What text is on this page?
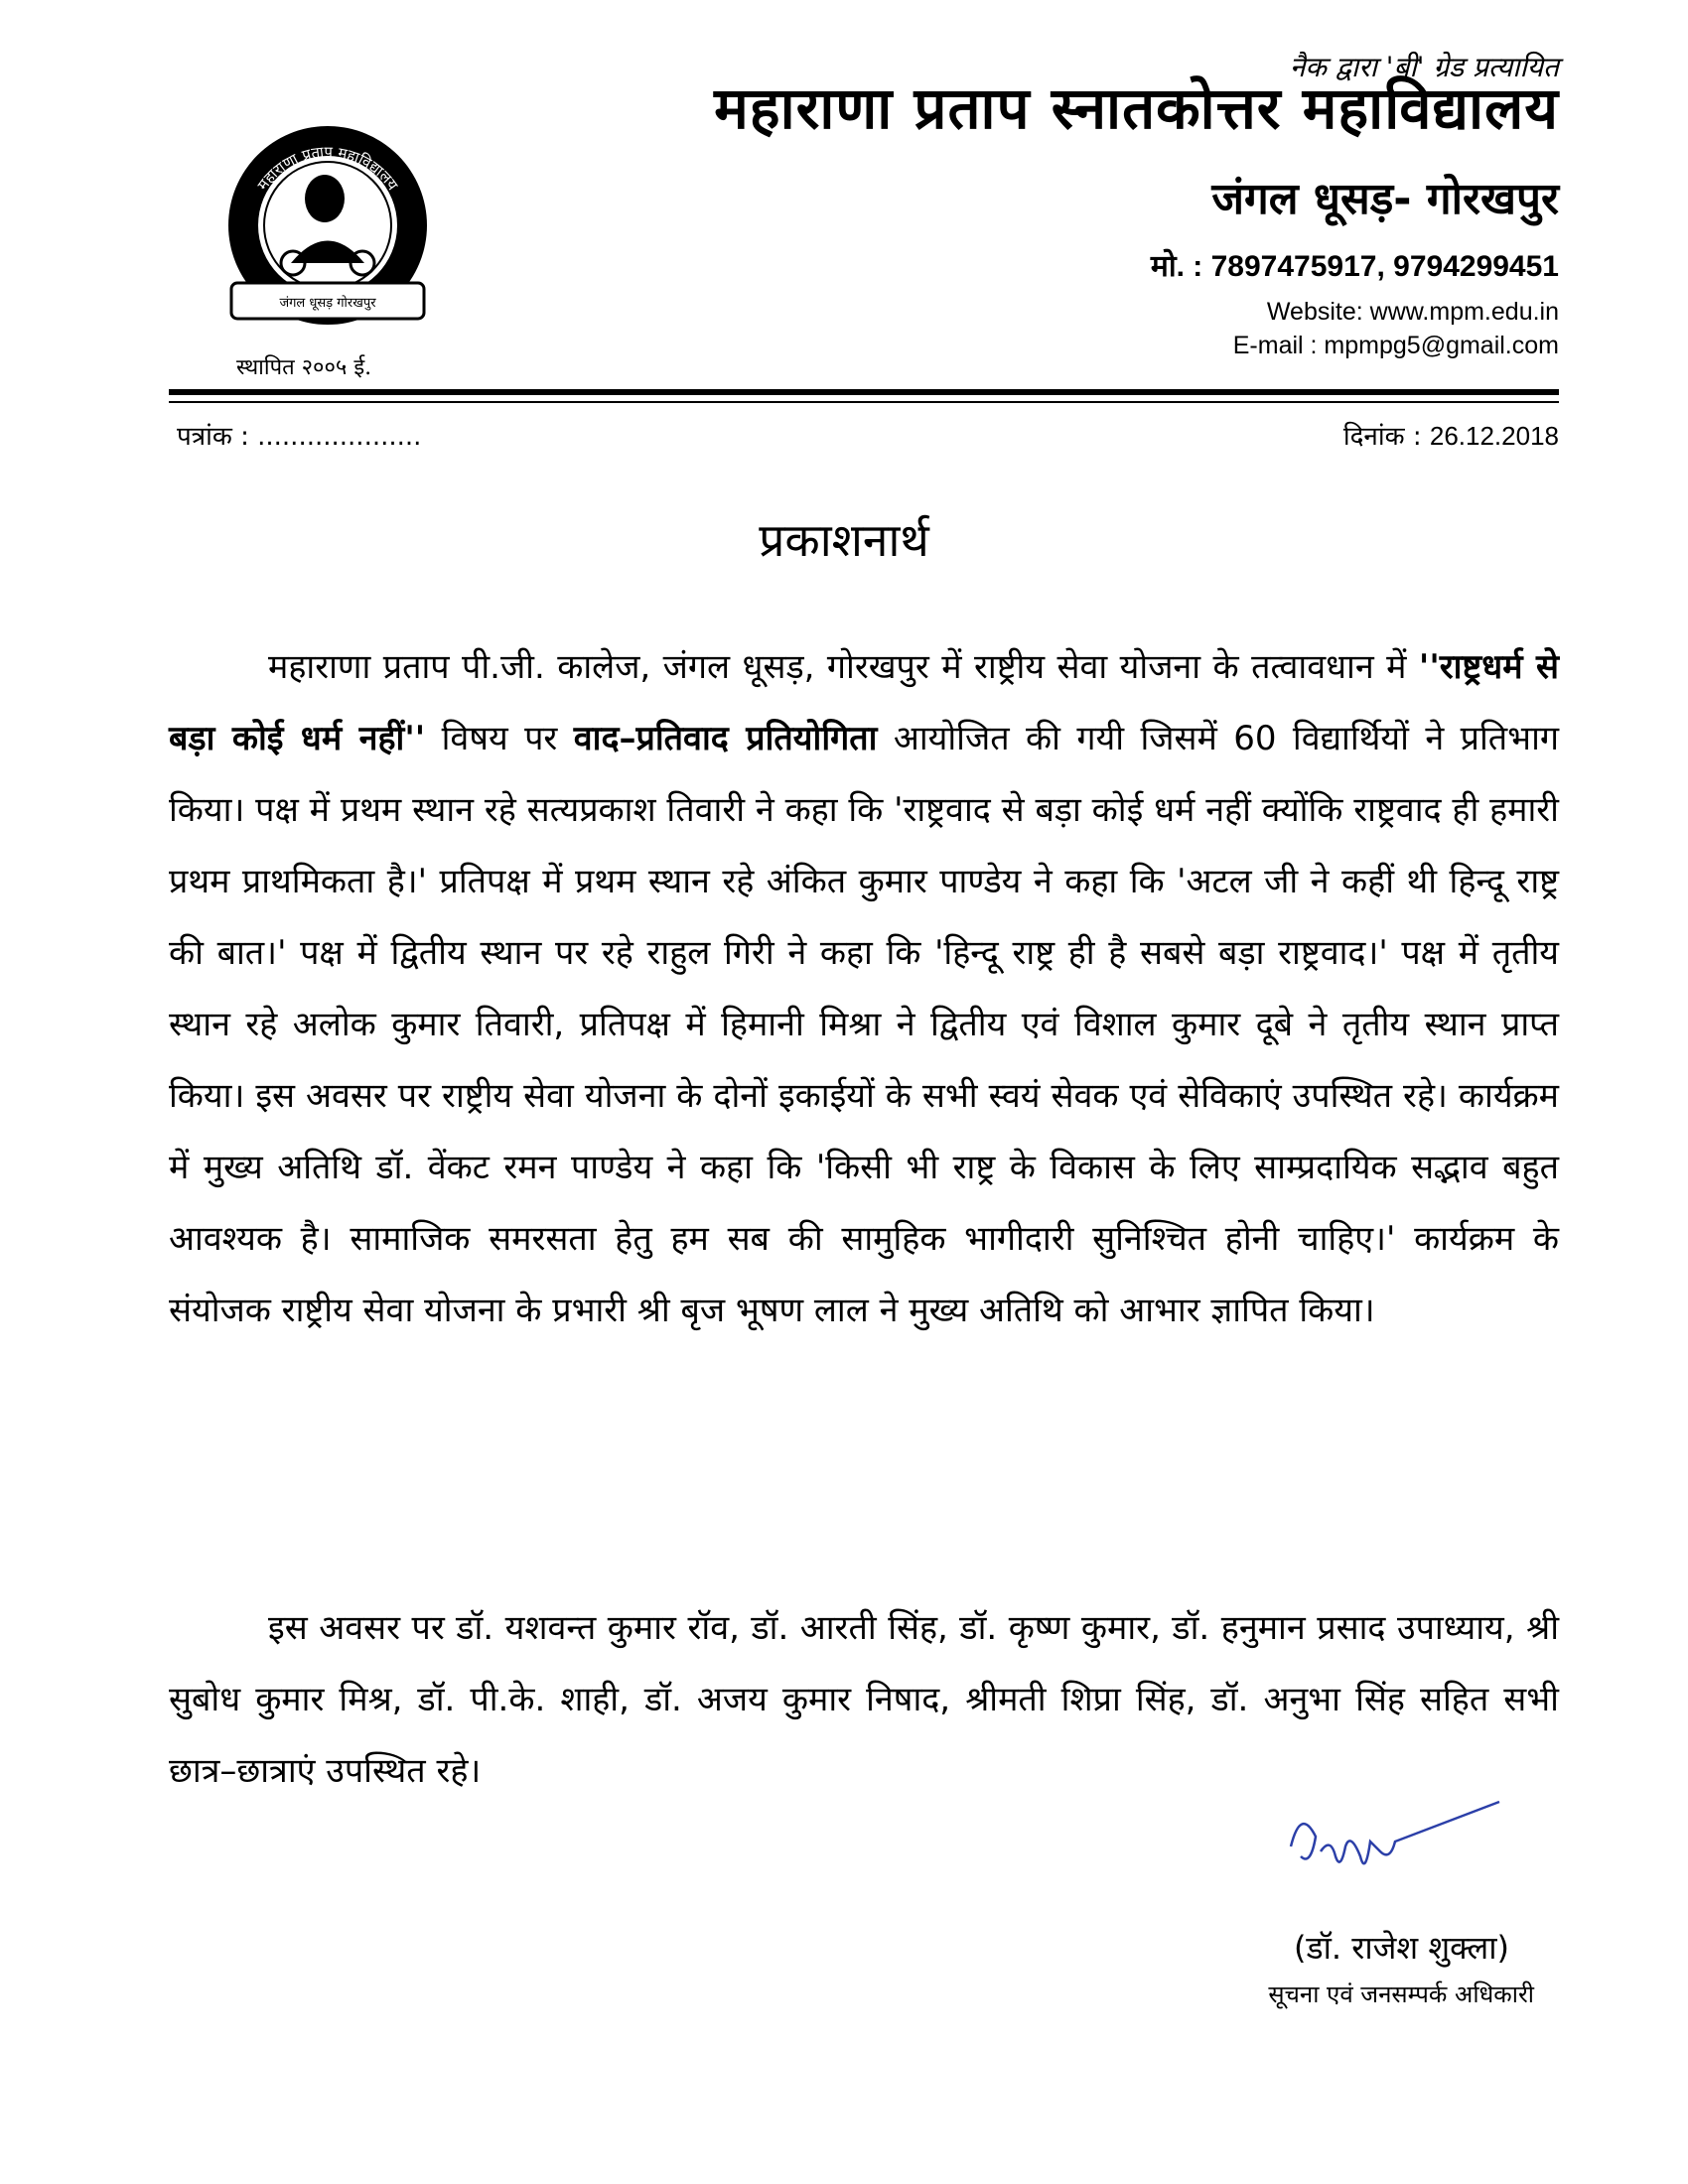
नैक द्वारा 'बी' ग्रेड प्रत्यायित
महाराणा प्रताप स्नातकोत्तर महाविद्यालय
जंगल धूसड़- गोरखपुर
मो. : 7897475917, 9794299451
Website: www.mpm.edu.in
E-mail : mpmpg5@gmail.com
महाराणा प्रताप महाविद्यालय
जंगल धूसड़ गोरखपुर
स्थापित २००५ ई.
पत्रांक : ....................	दिनांक : 26.12.2018
प्रकाशनार्थ

महाराणा प्रताप पी.जी. कालेज, जंगल धूसड़, गोरखपुर में राष्ट्रीय सेवा योजना के तत्वावधान में ''राष्ट्रधर्म से बड़ा कोई धर्म नहीं'' विषय पर वाद–प्रतिवाद प्रतियोगिता आयोजित की गयी जिसमें 60 विद्यार्थियों ने प्रतिभाग किया। पक्ष में प्रथम स्थान रहे सत्यप्रकाश तिवारी ने कहा कि 'राष्ट्रवाद से बड़ा कोई धर्म नहीं क्योंकि राष्ट्रवाद ही हमारी प्रथम प्राथमिकता है।' प्रतिपक्ष में प्रथम स्थान रहे अंकित कुमार पाण्डेय ने कहा कि 'अटल जी ने कहीं थी हिन्दू राष्ट्र की बात।' पक्ष में द्वितीय स्थान पर रहे राहुल गिरी ने कहा कि 'हिन्दू राष्ट्र ही है सबसे बड़ा राष्ट्रवाद।' पक्ष में तृतीय स्थान रहे अलोक कुमार तिवारी, प्रतिपक्ष में हिमानी मिश्रा ने द्वितीय एवं विशाल कुमार दूबे ने तृतीय स्थान प्राप्त किया। इस अवसर पर राष्ट्रीय सेवा योजना के दोनों इकाईयों के सभी स्वयं सेवक एवं सेविकाएं उपस्थित रहे। कार्यक्रम में मुख्य अतिथि डॉ. वेंकट रमन पाण्डेय ने कहा कि 'किसी भी राष्ट्र के विकास के लिए साम्प्रदायिक सद्भाव बहुत आवश्यक है। सामाजिक समरसता हेतु हम सब की सामुहिक भागीदारी सुनिश्चित होनी चाहिए।' कार्यक्रम के संयोजक राष्ट्रीय सेवा योजना के प्रभारी श्री बृज भूषण लाल ने मुख्य अतिथि को आभार ज्ञापित किया।

इस अवसर पर डॉ. यशवन्त कुमार रॉव, डॉ. आरती सिंह, डॉ. कृष्ण कुमार, डॉ. हनुमान प्रसाद उपाध्याय, श्री सुबोध कुमार मिश्र, डॉ. पी.के. शाही, डॉ. अजय कुमार निषाद, श्रीमती शिप्रा सिंह, डॉ. अनुभा सिंह सहित सभी छात्र–छात्राएं उपस्थित रहे।

(डॉ. राजेश शुक्ला)
सूचना एवं जनसम्पर्क अधिकारी
